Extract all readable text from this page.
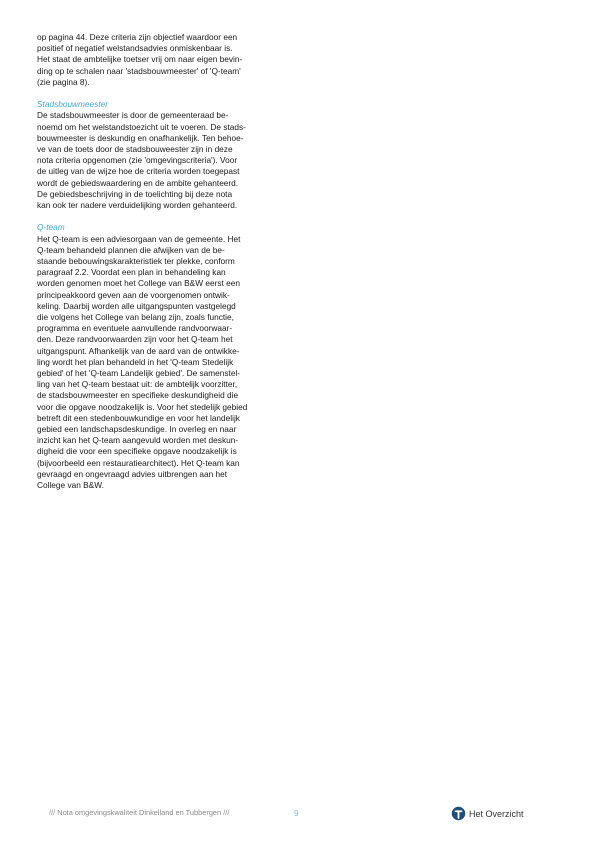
op pagina 44. Deze criteria zijn objectief waardoor een
positief of negatief welstandsadvies onmiskenbaar is.
Het staat de ambtelijke toetser vrij om naar eigen bevin-
ding op te schalen naar 'stadsbouwmeester' of 'Q-team'
(zie pagina 8).
Stadsbouwmeester
De stadsbouwmeester is door de gemeenteraad be-
noemd om het welstandstoezicht uit te voeren. De stads-
bouwmeester is deskundig en onafhankelijk. Ten behoe-
ve van de toets door de stadsbouweester zijn in deze
nota criteria opgenomen (zie 'omgevingscriteria'). Voor
de uitleg van de wijze hoe de criteria worden toegepast
wordt de gebiedswaardering en de ambite gehanteerd.
De gebiedsbeschrijving in de toelichting bij deze nota
kan ook ter nadere verduidelijking worden gehanteerd.
Q-team
Het Q-team is een adviesorgaan van de gemeente. Het
Q-team behandeld plannen die afwijken van de be-
staande bebouwingskarakteristiek ter plekke, conform
paragraaf 2.2. Voordat een plan in behandeling kan
worden genomen moet het College van B&W eerst een
principeakkoord geven aan de voorgenomen ontwik-
keling. Daarbij worden alle uitgangspunten vastgelegd
die volgens het College van belang zijn, zoals functie,
programma en eventuele aanvullende randvoorwaar-
den. Deze randvoorwaarden zijn voor het Q-team het
uitgangspunt. Afhankelijk van de aard van de ontwikke-
ling wordt het plan behandeld in het 'Q-team Stedelijk
gebied' of het 'Q-team Landelijk gebied'. De samenstel-
ling van het Q-team bestaat uit: de ambtelijk voorzitter,
de stadsbouwmeester en specifieke deskundigheid die
voor die opgave noodzakelijk is. Voor het stedelijk gebied
betreft dit een stedenbouwkundige en voor het landelijk
gebied een landschapsdeskundige. In overleg en naar
inzicht kan het Q-team aangevuld worden met deskun-
digheid die voor een specifieke opgave noodzakelijk is
(bijvoorbeeld een restauratiearchitect). Het Q-team kan
gevraagd en ongevraagd advies uitbrengen aan het
College van B&W.
/// Nota omgevingskwaliteit Dinkelland en Tubbergen ///	9	Het Overzicht
